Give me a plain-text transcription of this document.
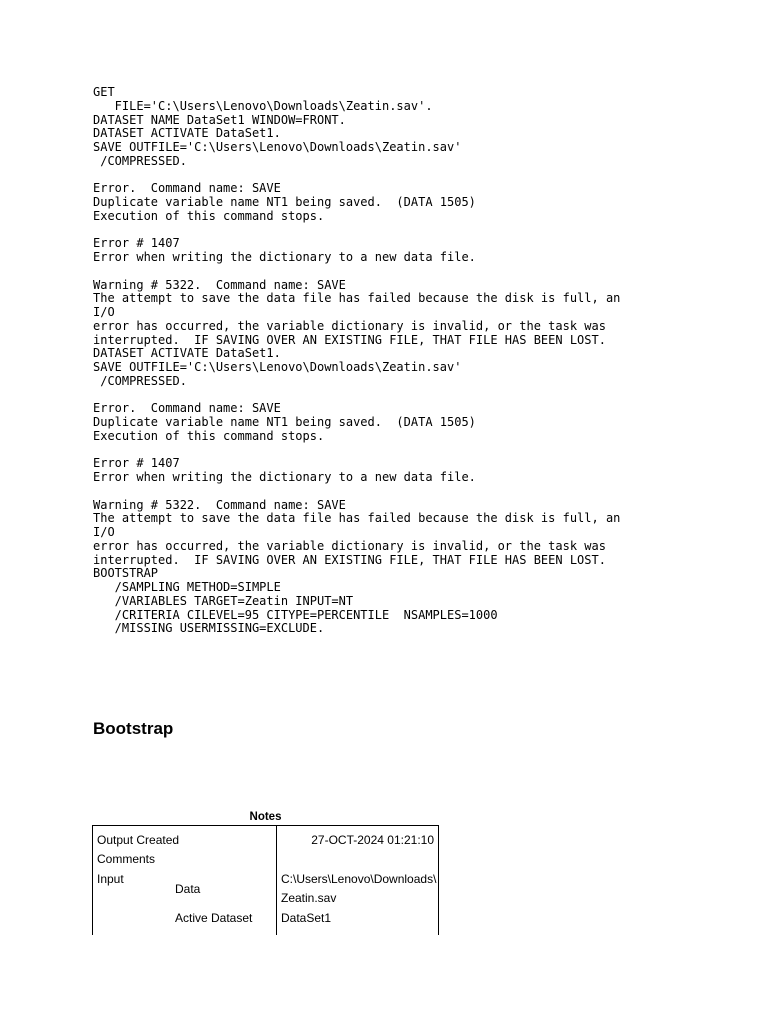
GET
FILE='C:\Users\Lenovo\Downloads\Zeatin.sav'.
DATASET NAME DataSet1 WINDOW=FRONT.
DATASET ACTIVATE DataSet1.
SAVE OUTFILE='C:\Users\Lenovo\Downloads\Zeatin.sav'
/COMPRESSED.

Error.  Command name: SAVE
Duplicate variable name NT1 being saved.  (DATA 1505)
Execution of this command stops.

Error # 1407
Error when writing the dictionary to a new data file.

Warning # 5322.  Command name: SAVE
The attempt to save the data file has failed because the disk is full, an
I/O
error has occurred, the variable dictionary is invalid, or the task was
interrupted.  IF SAVING OVER AN EXISTING FILE, THAT FILE HAS BEEN LOST.
DATASET ACTIVATE DataSet1.
SAVE OUTFILE='C:\Users\Lenovo\Downloads\Zeatin.sav'
/COMPRESSED.

Error.  Command name: SAVE
Duplicate variable name NT1 being saved.  (DATA 1505)
Execution of this command stops.

Error # 1407
Error when writing the dictionary to a new data file.

Warning # 5322.  Command name: SAVE
The attempt to save the data file has failed because the disk is full, an
I/O
error has occurred, the variable dictionary is invalid, or the task was
interrupted.  IF SAVING OVER AN EXISTING FILE, THAT FILE HAS BEEN LOST.
BOOTSTRAP
/SAMPLING METHOD=SIMPLE
/VARIABLES TARGET=Zeatin INPUT=NT
/CRITERIA CILEVEL=95 CITYPE=PERCENTILE  NSAMPLES=1000
/MISSING USERMISSING=EXCLUDE.
Bootstrap
Notes
Output Created	27-OCT-2024 01:21:10
Comments
Input
Data
C:\Users\Lenovo\Downloads\
Zeatin.sav
Active Dataset DataSet1
